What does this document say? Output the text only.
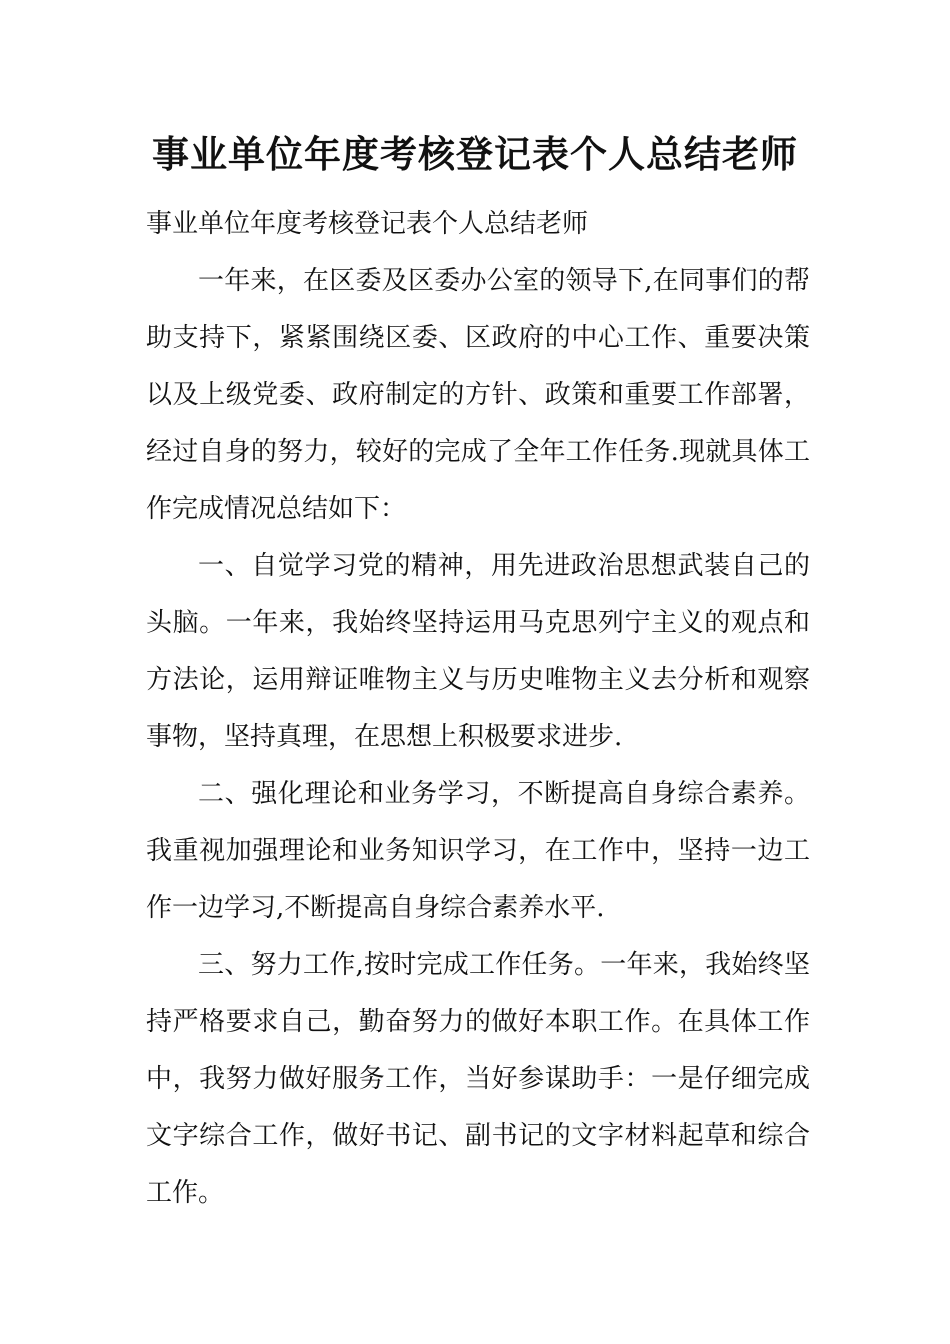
事业单位年度考核登记表个人总结老师

事业单位年度考核登记表个人总结老师

一年来，在区委及区委办公室的领导下,在同事们的帮助支持下，紧紧围绕区委、区政府的中心工作、重要决策以及上级党委、政府制定的方针、政策和重要工作部署，经过自身的努力，较好的完成了全年工作任务.现就具体工作完成情况总结如下：

一、自觉学习党的精神，用先进政治思想武装自己的头脑。一年来，我始终坚持运用马克思列宁主义的观点和方法论，运用辩证唯物主义与历史唯物主义去分析和观察事物，坚持真理，在思想上积极要求进步.

二、强化理论和业务学习，不断提高自身综合素养。我重视加强理论和业务知识学习，在工作中，坚持一边工作一边学习,不断提高自身综合素养水平.

三、努力工作,按时完成工作任务。一年来，我始终坚持严格要求自己，勤奋努力的做好本职工作。在具体工作中，我努力做好服务工作，当好参谋助手：一是仔细完成文字综合工作，做好书记、副书记的文字材料起草和综合工作。
